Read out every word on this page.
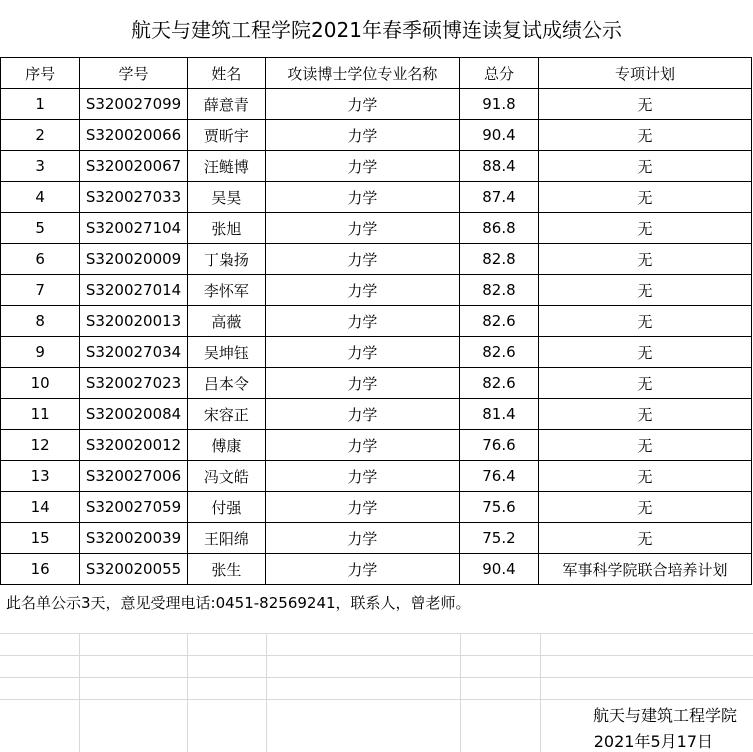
航天与建筑工程学院2021年春季硕博连读复试成绩公示
序号	学号	姓名	攻读博士学位专业名称	总分	专项计划
1	S320027099	薛意青	力学	91.8	无
2	S320020066	贾昕宇	力学	90.4	无
3	S320020067	汪鲢博	力学	88.4	无
4	S320027033	吴昊	力学	87.4	无
5	S320027104	张旭	力学	86.8	无
6	S320020009	丁枭扬	力学	82.8	无
7	S320027014	李怀军	力学	82.8	无
8	S320020013	高薇	力学	82.6	无
9	S320027034	吴坤钰	力学	82.6	无
10	S320027023	吕本令	力学	82.6	无
11	S320020084	宋容正	力学	81.4	无
12	S320020012	傅康	力学	76.6	无
13	S320027006	冯文皓	力学	76.4	无
14	S320027059	付强	力学	75.6	无
15	S320020039	王阳绵	力学	75.2	无
16	S320020055	张生	力学	90.4	军事科学院联合培养计划
此名单公示3天，意见受理电话:0451-82569241，联系人，曾老师。
航天与建筑工程学院
2021年5月17日
